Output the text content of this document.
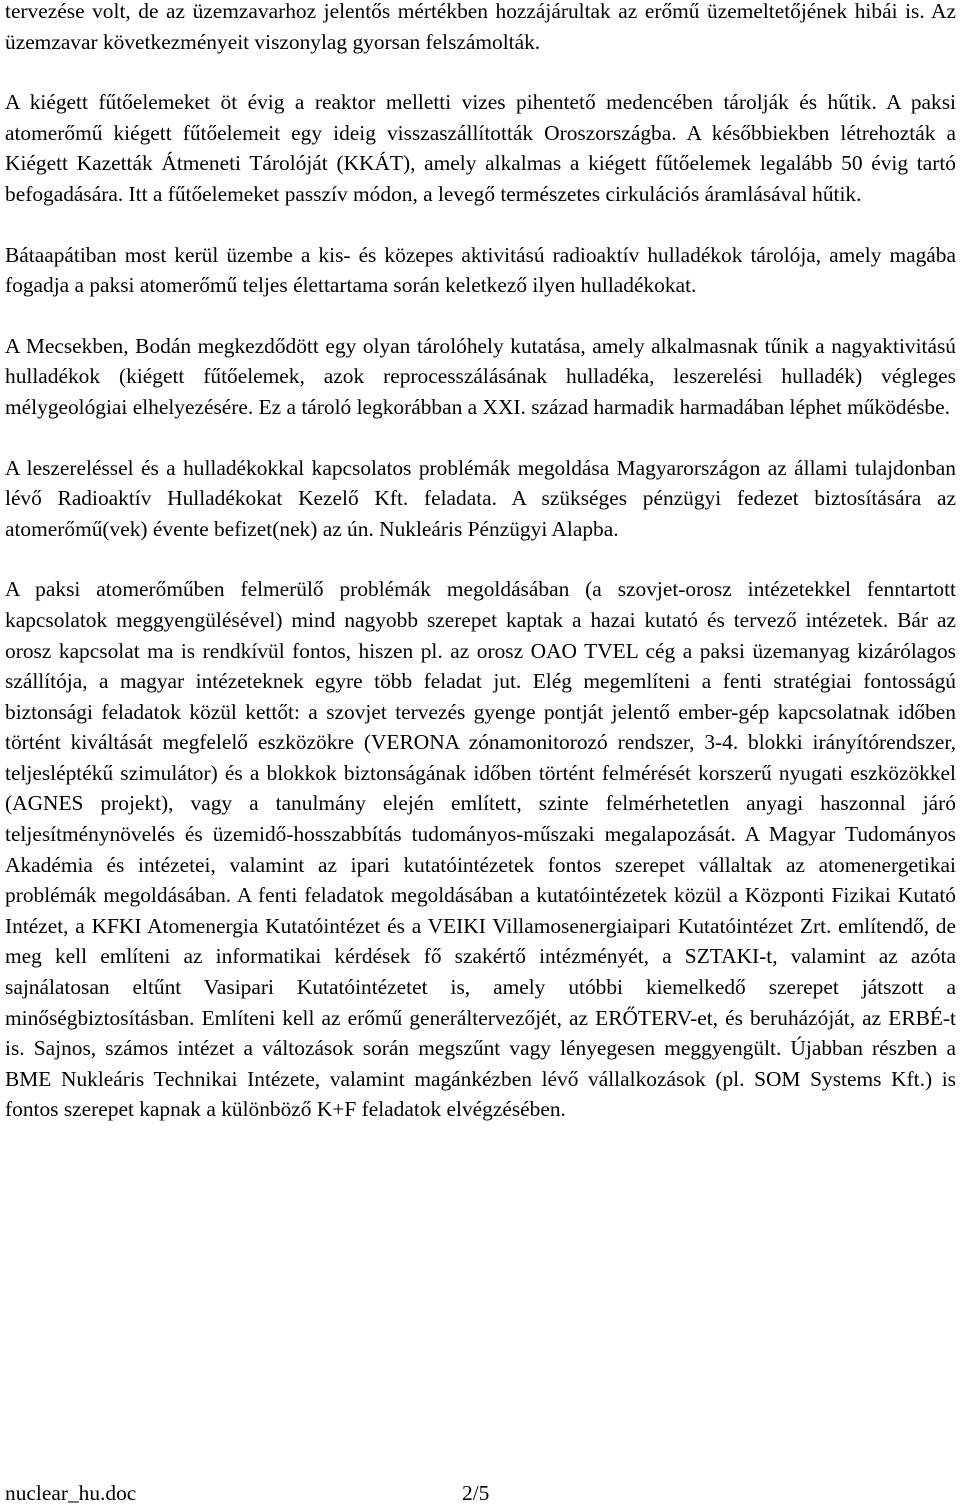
tervezése volt, de az üzemzavarhoz jelentős mértékben hozzájárultak az erőmű üzemeltetőjének hibái is. Az üzemzavar következményeit viszonylag gyorsan felszámolták.

A kiégett fűtőelemeket öt évig a reaktor melletti vizes pihentető medencében tárolják és hűtik. A paksi atomerőmű kiégett fűtőelemeit egy ideig visszaszállították Oroszországba. A későbbiekben létrehozták a Kiégett Kazetták Átmeneti Tárolóját (KKÁT), amely alkalmas a kiégett fűtőelemek legalább 50 évig tartó befogadására. Itt a fűtőelemeket passzív módon, a levegő természetes cirkulációs áramlásával hűtik.

Bátaapátiban most kerül üzembe a kis- és közepes aktivitású radioaktív hulladékok tárolója, amely magába fogadja a paksi atomerőmű teljes élettartama során keletkező ilyen hulladékokat.

A Mecsekben, Bodán megkezdődött egy olyan tárolóhely kutatása, amely alkalmasnak tűnik a nagyaktivitású hulladékok (kiégett fűtőelemek, azok reprocesszálásának hulladéka, leszerelési hulladék) végleges mélygeológiai elhelyezésére. Ez a tároló legkorábban a XXI. század harmadik harmadában léphet működésbe.

A leszereléssel és a hulladékokkal kapcsolatos problémák megoldása Magyarországon az állami tulajdonban lévő Radioaktív Hulladékokat Kezelő Kft. feladata. A szükséges pénzügyi fedezet biztosítására az atomerőmű(vek) évente befizet(nek) az ún. Nukleáris Pénzügyi Alapba.

A paksi atomerőműben felmerülő problémák megoldásában (a szovjet-orosz intézetekkel fenntartott kapcsolatok meggyengülésével) mind nagyobb szerepet kaptak a hazai kutató és tervező intézetek. Bár az orosz kapcsolat ma is rendkívül fontos, hiszen pl. az orosz OAO TVEL cég a paksi üzemanyag kizárólagos szállítója, a magyar intézeteknek egyre több feladat jut. Elég megemlíteni a fenti stratégiai fontosságú biztonsági feladatok közül kettőt: a szovjet tervezés gyenge pontját jelentő ember-gép kapcsolatnak időben történt kiváltását megfelelő eszközökre (VERONA zónamonitorozó rendszer, 3-4. blokki irányítórendszer, teljesléptékű szimulátor) és a blokkok biztonságának időben történt felmérését korszerű nyugati eszközökkel (AGNES projekt), vagy a tanulmány elején említett, szinte felmérhetetlen anyagi haszonnal járó teljesítménynövelés és üzemidő-hosszabbítás tudományos-műszaki megalapozását. A Magyar Tudományos Akadémia és intézetei, valamint az ipari kutatóintézetek fontos szerepet vállaltak az atomenergetikai problémák megoldásában. A fenti feladatok megoldásában a kutatóintézetek közül a Központi Fizikai Kutató Intézet, a KFKI Atomenergia Kutatóintézet és a VEIKI Villamosenergiaipari Kutatóintézet Zrt. említendő, de meg kell említeni az informatikai kérdések fő szakértő intézményét, a SZTAKI-t, valamint az azóta sajnálatosan eltűnt Vasipari Kutatóintézetet is, amely utóbbi kiemelkedő szerepet játszott a minőségbiztosításban. Említeni kell az erőmű generáltervezőjét, az ERŐTERV-et, és beruházóját, az ERBÉ-t is. Sajnos, számos intézet a változások során megszűnt vagy lényegesen meggyengült. Újabban részben a BME Nukleáris Technikai Intézete, valamint magánkézben lévő vállalkozások (pl. SOM Systems Kft.) is fontos szerepet kapnak a különböző K+F feladatok elvégzésében.

nuclear_hu.doc	2/5
